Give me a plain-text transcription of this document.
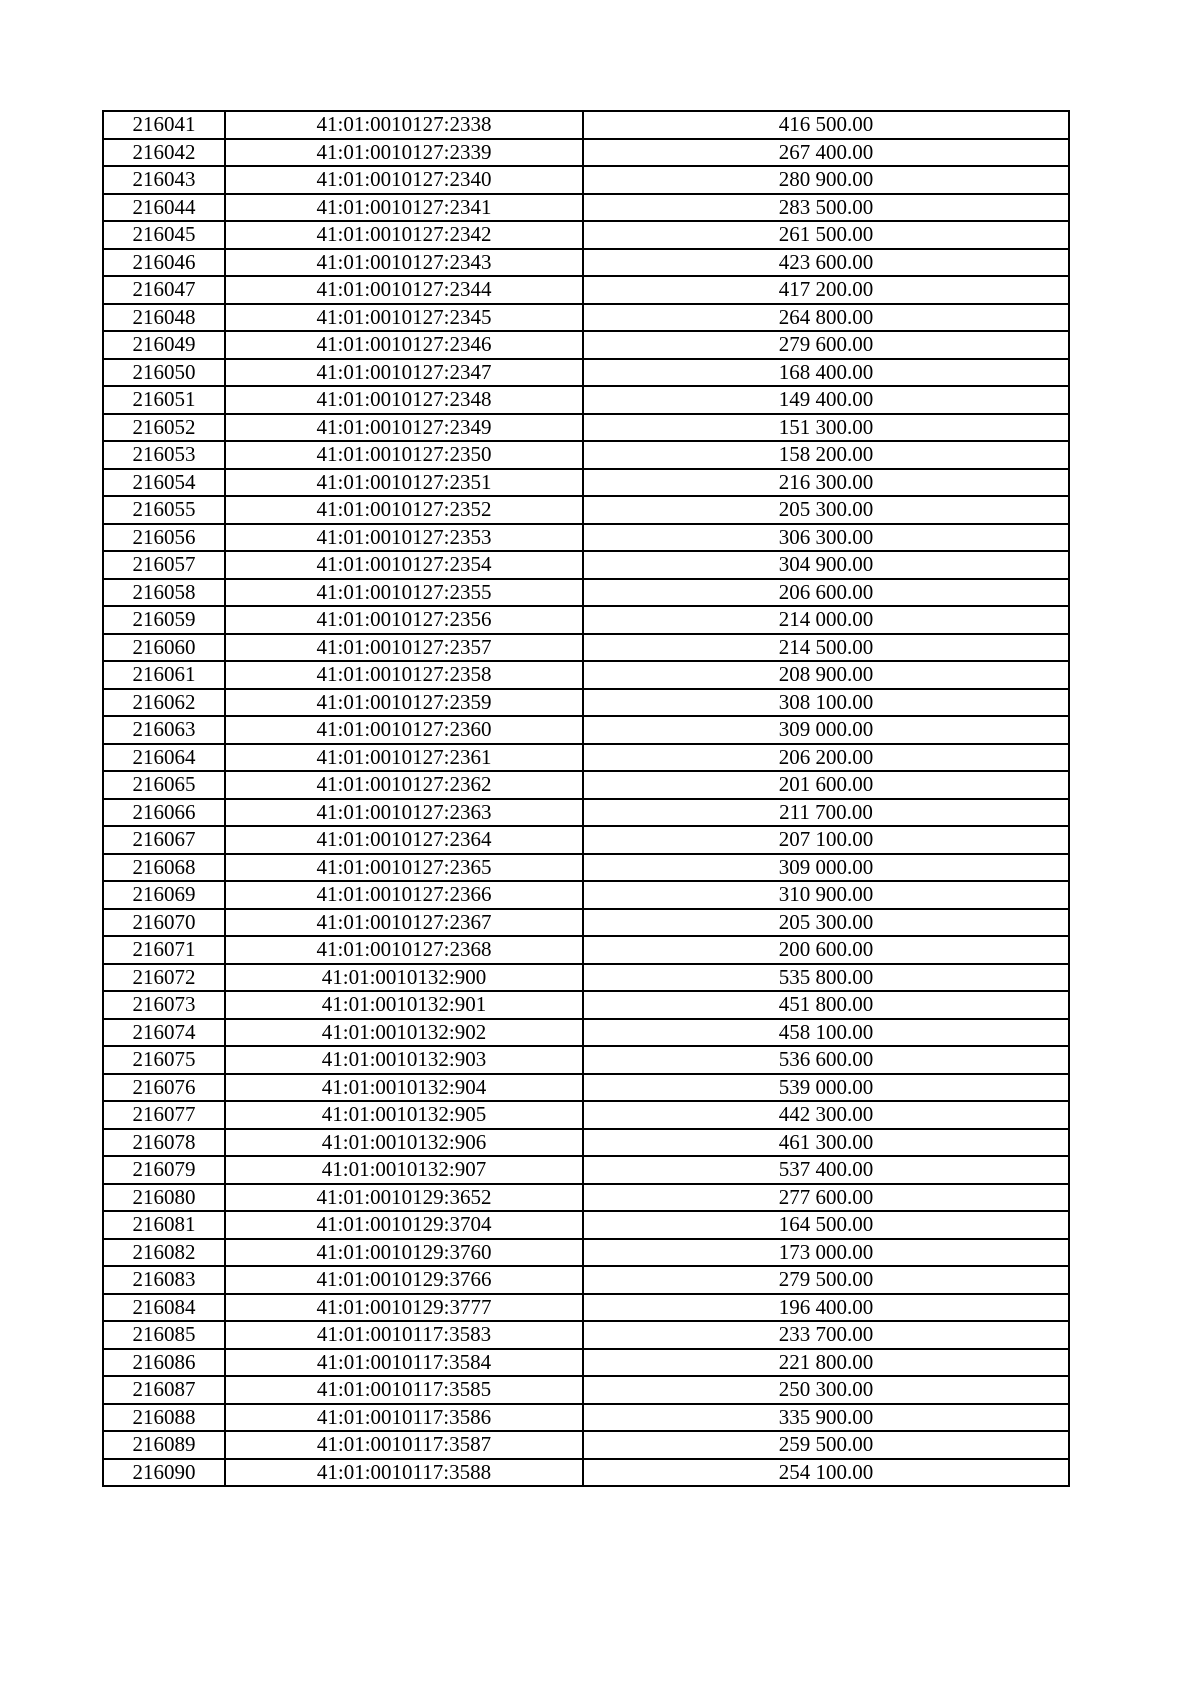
216041	41:01:0010127:2338	416 500.00
216042	41:01:0010127:2339	267 400.00
216043	41:01:0010127:2340	280 900.00
216044	41:01:0010127:2341	283 500.00
216045	41:01:0010127:2342	261 500.00
216046	41:01:0010127:2343	423 600.00
216047	41:01:0010127:2344	417 200.00
216048	41:01:0010127:2345	264 800.00
216049	41:01:0010127:2346	279 600.00
216050	41:01:0010127:2347	168 400.00
216051	41:01:0010127:2348	149 400.00
216052	41:01:0010127:2349	151 300.00
216053	41:01:0010127:2350	158 200.00
216054	41:01:0010127:2351	216 300.00
216055	41:01:0010127:2352	205 300.00
216056	41:01:0010127:2353	306 300.00
216057	41:01:0010127:2354	304 900.00
216058	41:01:0010127:2355	206 600.00
216059	41:01:0010127:2356	214 000.00
216060	41:01:0010127:2357	214 500.00
216061	41:01:0010127:2358	208 900.00
216062	41:01:0010127:2359	308 100.00
216063	41:01:0010127:2360	309 000.00
216064	41:01:0010127:2361	206 200.00
216065	41:01:0010127:2362	201 600.00
216066	41:01:0010127:2363	211 700.00
216067	41:01:0010127:2364	207 100.00
216068	41:01:0010127:2365	309 000.00
216069	41:01:0010127:2366	310 900.00
216070	41:01:0010127:2367	205 300.00
216071	41:01:0010127:2368	200 600.00
216072	41:01:0010132:900	535 800.00
216073	41:01:0010132:901	451 800.00
216074	41:01:0010132:902	458 100.00
216075	41:01:0010132:903	536 600.00
216076	41:01:0010132:904	539 000.00
216077	41:01:0010132:905	442 300.00
216078	41:01:0010132:906	461 300.00
216079	41:01:0010132:907	537 400.00
216080	41:01:0010129:3652	277 600.00
216081	41:01:0010129:3704	164 500.00
216082	41:01:0010129:3760	173 000.00
216083	41:01:0010129:3766	279 500.00
216084	41:01:0010129:3777	196 400.00
216085	41:01:0010117:3583	233 700.00
216086	41:01:0010117:3584	221 800.00
216087	41:01:0010117:3585	250 300.00
216088	41:01:0010117:3586	335 900.00
216089	41:01:0010117:3587	259 500.00
216090	41:01:0010117:3588	254 100.00
